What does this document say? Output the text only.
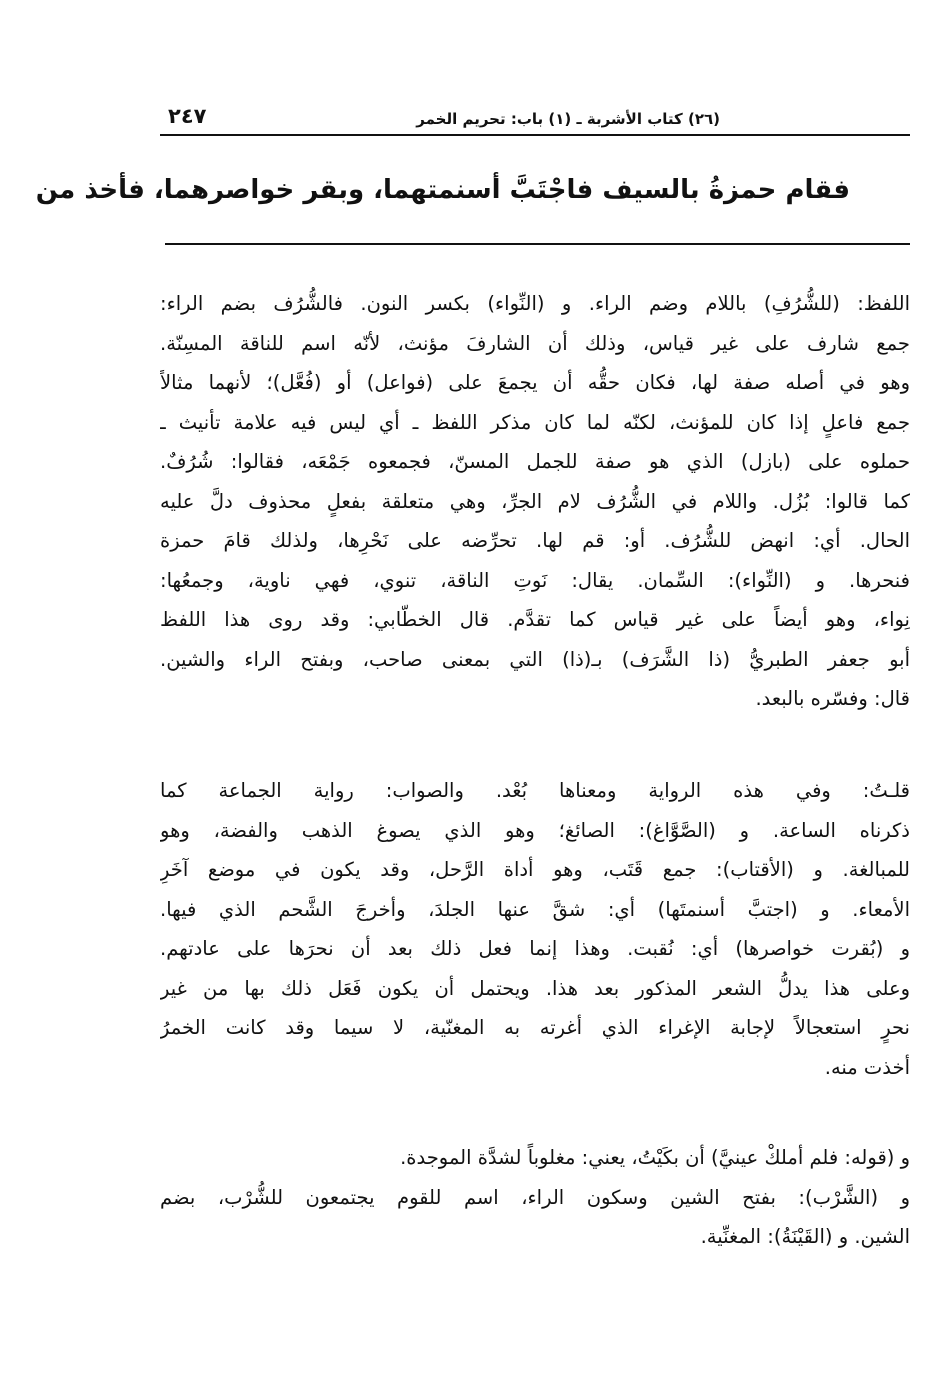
(٢٦) كتاب الأشربة ـ (١) باب: تحريم الخمر
٢٤٧
فقام حمزةُ بالسيف فاجْتَبَّ أسنمتهما، وبقر خواصرهما، فأخذ من
اللفظ: (للشُّرُفِ) باللام وضم الراء. و (النِّواء) بكسر النون. فالشُّرُف بضم الراء:
جمع شارف على غير قياس، وذلك أن الشارفَ مؤنث، لأنّه اسم للناقة المسِنّة.
وهو في أصله صفة لها، فكان حقُّه أن يجمعَ على (فواعل) أو (فُعَّل)؛ لأنهما مثالاً
جمع فاعلٍ إذا كان للمؤنث، لكنّه لما كان مذكر اللفظ ـ أي ليس فيه علامة تأنيث ـ
حملوه على (بازل) الذي هو صفة للجمل المسنّ، فجمعوه جَمْعَه، فقالوا: شُرُفٌ.
كما قالوا: بُزُل. واللام في الشُّرُف لام الجرِّ، وهي متعلقة بفعلٍ محذوف دلَّ عليه
الحال. أي: انهض للشُّرُف. أو: قم لها. تحرِّضه على نَحْرِها، ولذلك قامَ حمزة
فنحرها. و (النِّواء): السِّمان. يقال: نَوتِ الناقة، تنوي، فهي ناوية، وجمعُها:
نِواء، وهو أيضاً على غير قياس كما تقدَّم. قال الخطّابي: وقد روى هذا اللفظ
أبو جعفر الطبريُّ (ذا الشَّرَف) بـ(ذا) التي بمعنى صاحب، وبفتح الراء والشين.
قال: وفسّره بالبعد.
قلـتُ: وفي هذه الرواية ومعناها بُعْد. والصواب: رواية الجماعة كما
ذكرناه الساعة. و (الصَّوَّاغ): الصائغ؛ وهو الذي يصوغ الذهب والفضة، وهو
للمبالغة. و (الأقتاب): جمع قَتَب، وهو أداة الرَّحل، وقد يكون في موضع آخَرِ
الأمعاء. و (اجتبَّ أسنمتَها) أي: شقَّ عنها الجلدَ، وأخرجَ الشَّحم الذي فيها.
و (بُقرت خواصرها) أي: نُقبت. وهذا إنما فعل ذلك بعد أن نحرَها على عادتهم.
وعلى هذا يدلُّ الشعر المذكور بعد هذا. ويحتمل أن يكون فَعَل ذلك بها من غير
نحرٍ استعجالاً لإجابة الإغراء الذي أغرته به المغنّية، لا سيما وقد كانت الخمرُ
أخذت منه.
و (قوله: فلم أملكْ عينيَّ) أن بكَيْتُ، يعني: مغلوباً لشدَّة الموجدة.
و (الشَّرْب): بفتح الشين وسكون الراء، اسم للقوم يجتمعون للشُّرْب، بضم
الشين. و (القَيْنَةُ): المغنِّية.
